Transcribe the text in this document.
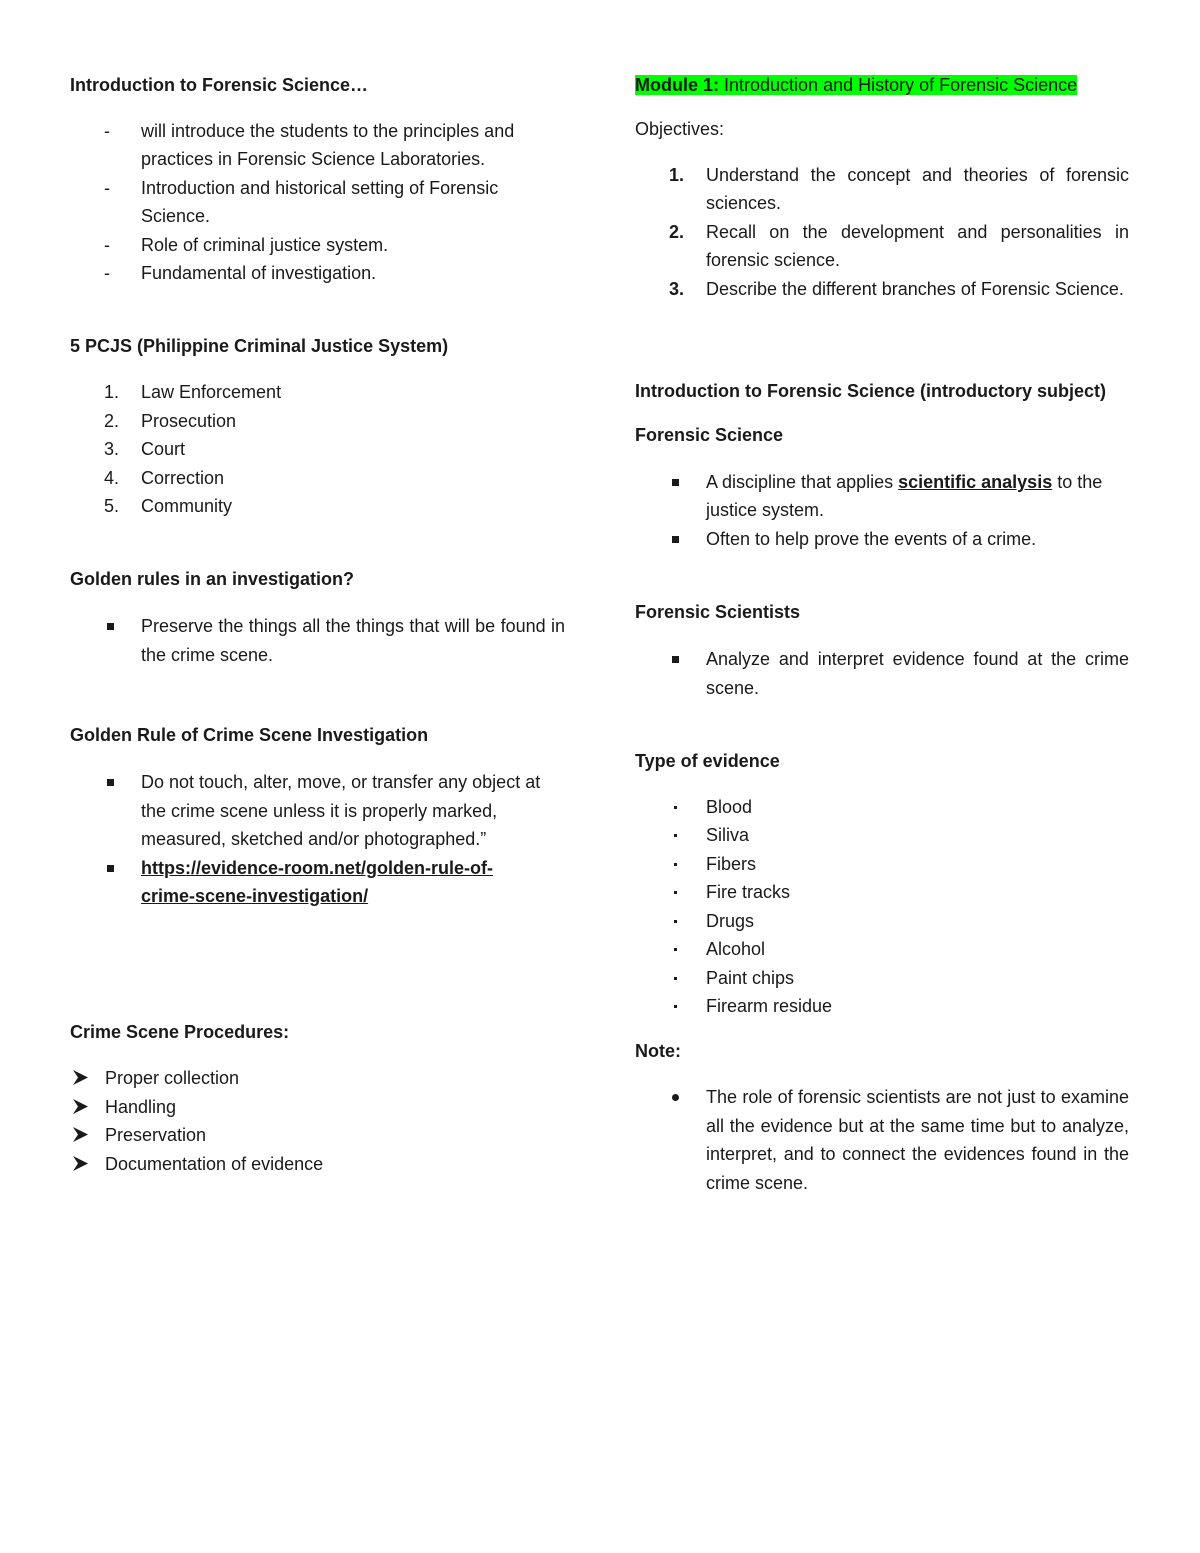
Introduction to Forensic Science…

-	will introduce the students to the principles and practices in Forensic Science Laboratories.
-	Introduction and historical setting of Forensic Science.
-	Role of criminal justice system.
-	Fundamental of investigation.

5 PCJS (Philippine Criminal Justice System)

1.	Law Enforcement
2.	Prosecution
3.	Court
4.	Correction
5.	Community

Golden rules in an investigation?

Preserve the things all the things that will be found in the crime scene.

Golden Rule of Crime Scene Investigation

Do not touch, alter, move, or transfer any object at the crime scene unless it is properly marked, measured, sketched and/or photographed.”
https://evidence-room.net/golden-rule-of-
crime-scene-investigation/

Crime Scene Procedures:

Proper collection
Handling
Preservation
Documentation of evidence

Module 1: Introduction and History of Forensic Science

Objectives:

1.	Understand the concept and theories of forensic sciences.
2.	Recall on the development and personalities in forensic science.
3.	Describe the different branches of Forensic Science.

Introduction to Forensic Science (introductory subject)

Forensic Science

A discipline that applies scientific analysis to the justice system.
Often to help prove the events of a crime.

Forensic Scientists

Analyze and interpret evidence found at the crime scene.

Type of evidence

Blood
Siliva
Fibers
Fire tracks
Drugs
Alcohol
Paint chips
Firearm residue

Note:

The role of forensic scientists are not just to examine all the evidence but at the same time but to analyze, interpret, and to connect the evidences found in the crime scene.
